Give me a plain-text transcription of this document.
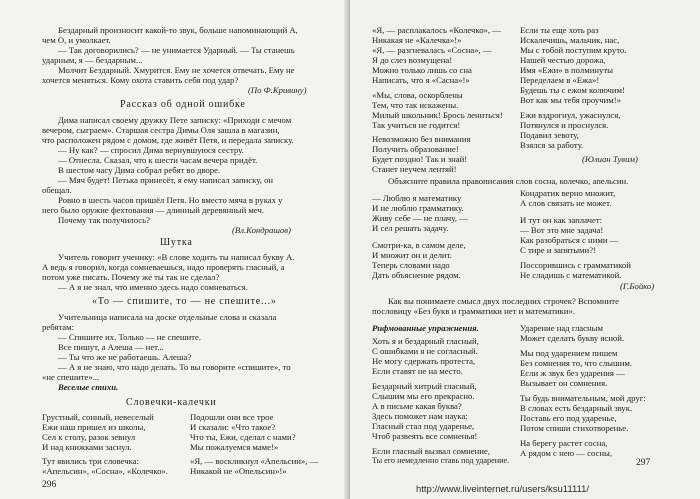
Бездарный произносит какой-то звук, больше напоминающий А,
чем О, и умолкает.
— Так договорились? — не унимается Ударный. — Ты станешь
ударным, я — бездарным...
Молчит Бездарный. Хмурится. Ему не хочется отвечать. Ему не
хочется меняться. Кому охота ставить себя под удар?
(По Ф.Кривину)
Рассказ об одной ошибке
Дима написал своему дружку Пете записку: «Приходи с мечом
вечером, сыграем». Старшая сестра Димы Оля зашла в магазин,
что расположен рядом с домом, где живёт Петя, и передала записку.
— Ну как? — спросил Дима вернувшуюся сестру.
— Отнесла. Сказал, что к шести часам вечера придёт.
В шестом часу Дима собрал ребят во дворе.
— Мяч будет! Петька принесёт, я ему написал записку, он
обещал.
Ровно в шесть часов пришёл Петя. Но вместо мяча в руках у
него было оружие фехтования — длинный деревянный меч.
Почему так получилось?
(Вл.Кондрашов)
Шутка
Учитель говорит ученику: «В слове ходить ты написал букву А.
А ведь я говорил, когда сомневаешься, надо проверять гласный, а
потом уже писать. Почему же ты так не сделал?
— А я не знал, что именно здесь надо сомневаться.
«То — спишите, то — не спешите...»
Учительница написала на доске отдельные слова и сказала
ребятам:
— Спишите их. Только — не спешите.
Все пишут, а Алеша — нет...
— Ты что же не работаешь. Алеша?
— А я не знаю, что надо делать. То вы говорите «спишите», то
«не спешите»...
Веселые стихи.
Словечки-калечки
Грустный, сонный, невеселый
Ежи наш пришел из школы,
Сел к столу, разок зевнул
И над книжками заснул.
Подошли они все трое
И сказали: «Что такое?
Что ты, Ежи, сделал с нами?
Мы пожалуемся маме!»
Тут явились три словечка:
«Апельсин», «Сосна», «Колечко».
«Я, — воскликнул «Апельсин», —
Никакой не «Опельсин»!»
296
«Я, — расплакалось «Колечко», —
Никакая не «Калечка»!»
«Я, — разгневалась «Сосна», —
Я до слез возмущена!
Можно только лишь со сна
Написать, что я «Сасна»!»
Если ты еще хоть раз
Искалечишь, мальчик, нас,
Мы с тобой поступим круто.
Нашей честью дорожа,
Имя «Ежи» в полминуты
Переделаем в «Ежа»!
Будешь ты с ежом колючим!
Вот как мы тебя проучим!»
«Мы, слова, оскорблены
Тем, что так искажены.
Милый школьник! Брось лениться!
Так учиться не годится!
Ежи вздрогнул, ужаснулся,
Потянулся и проснулся.
Подавил зевоту,
Взялся за работу.
Невозможно без внимания
Получить образование!
Будет поздно! Так и знай!
Станет неучем лентяй!
(Юлиан Тувим)
Объясните правила правописания слов сосна, колечко, апельсин.
— Люблю я математику
И не люблю грамматику.
Живу себе — не плачу, —
И сел решать задачу.
Смотри-ка, в самом деле,
И множит он и делит.
Теперь словами надо
Дать объяснение рядом.
Кондратик верно множит,
А слов связать не может.
И тут он как заплачет:
— Вот это мне задача!
Как разобраться с ними —
С тире и запятыми?!
Поссорившись с грамматикой
Не сладишь с математикой.
(Г.Бойко)
Как вы понимаете смысл двух последних строчек? Вспомните
пословицу «Без букв и грамматики нет и математики».
Рифмованные упражнения.
Хоть я и бездарный гласный,
С ошибками я не согласный.
Не могу сдержать протеста,
Если ставят не на место.
Бездарный хитрый гласный,
Слышим мы его прекрасно.
А в письме какая буква?
Здесь поможет нам наука:
Гласный стал под ударенье,
Чтоб развеять все сомненья!
Если гласный вызвал сомнение,
Ты его немедленно ставь под ударение.
Ударение над гласным
Может сделать букву ясной.
Мы под ударением пишем
Без сомнения то, что слышим.
Если ж звук без ударения —
Вызывает он сомнения.
Ты будь внимательным, мой друг:
В словах есть бездарный звук.
Поставь его под ударенье,
Потом спиши стихотворенье.
На берегу растет сосна,
А рядом с нею — сосны,
297
http://www.liveinternet.ru/users/ksu11111/
